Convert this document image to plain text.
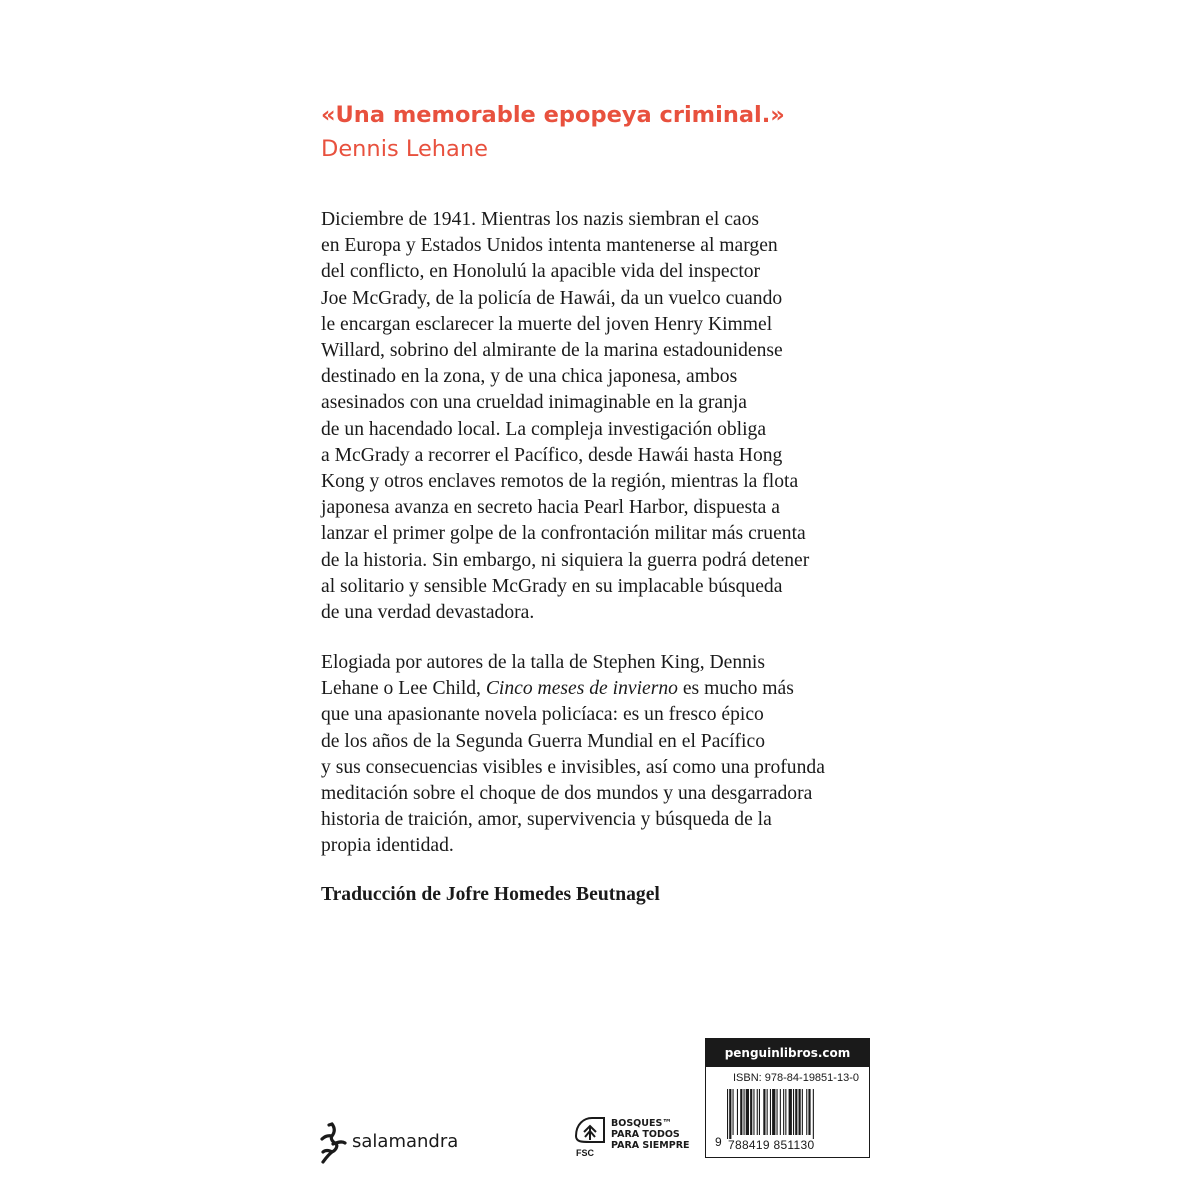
«Una memorable epopeya criminal.»
Dennis Lehane
Diciembre de 1941. Mientras los nazis siembran el caos
en Europa y Estados Unidos intenta mantenerse al margen
del conflicto, en Honolulú la apacible vida del inspector
Joe McGrady, de la policía de Hawái, da un vuelco cuando
le encargan esclarecer la muerte del joven Henry Kimmel
Willard, sobrino del almirante de la marina estadounidense
destinado en la zona, y de una chica japonesa, ambos
asesinados con una crueldad inimaginable en la granja
de un hacendado local. La compleja investigación obliga
a McGrady a recorrer el Pacífico, desde Hawái hasta Hong
Kong y otros enclaves remotos de la región, mientras la flota
japonesa avanza en secreto hacia Pearl Harbor, dispuesta a
lanzar el primer golpe de la confrontación militar más cruenta
de la historia. Sin embargo, ni siquiera la guerra podrá detener
al solitario y sensible McGrady en su implacable búsqueda
de una verdad devastadora.
Elogiada por autores de la talla de Stephen King, Dennis
Lehane o Lee Child, Cinco meses de invierno es mucho más
que una apasionante novela policíaca: es un fresco épico
de los años de la Segunda Guerra Mundial en el Pacífico
y sus consecuencias visibles e invisibles, así como una profunda
meditación sobre el choque de dos mundos y una desgarradora
historia de traición, amor, supervivencia y búsqueda de la
propia identidad.
Traducción de Jofre Homedes Beutnagel
salamandra
FSC
BOSQUES™
PARA TODOS
PARA SIEMPRE
penguinlibros.com
ISBN: 978-84-19851-13-0
9 788419 851130
